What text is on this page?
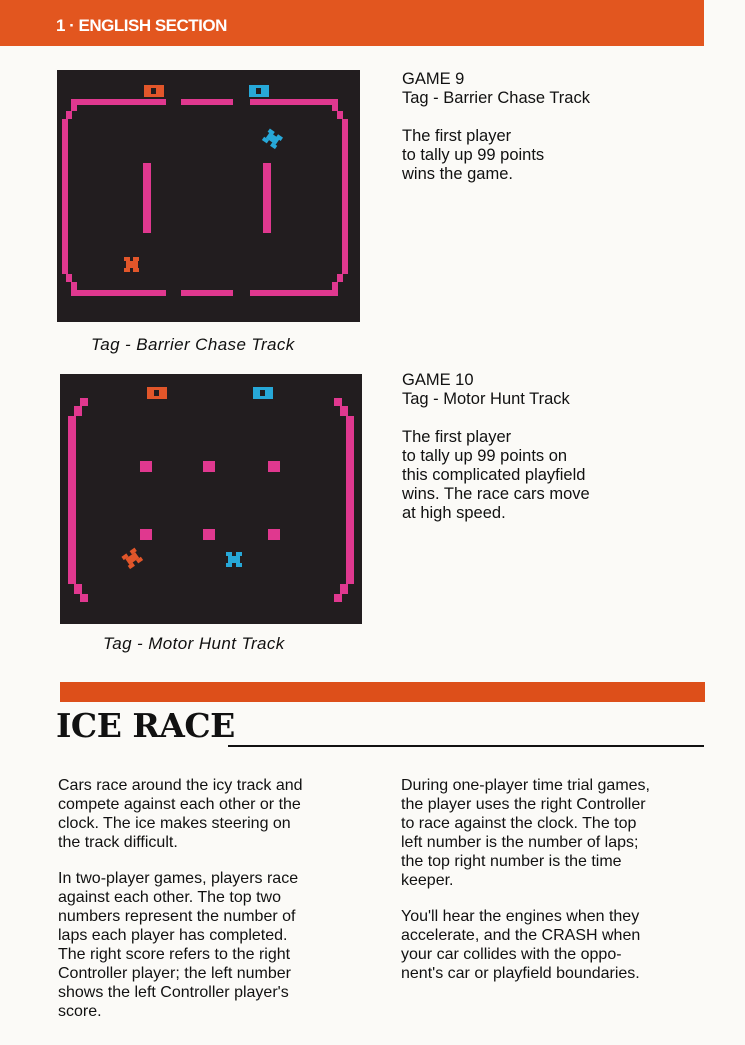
1 · ENGLISH SECTION
Tag - Barrier Chase Track
GAME 9
Tag - Barrier Chase Track
The first player
to tally up 99 points
wins the game.
Tag - Motor Hunt Track
GAME 10
Tag - Motor Hunt Track
The first player
to tally up 99 points on
this complicated playfield
wins. The race cars move
at high speed.
ICE RACE

Cars race around the icy track and
compete against each other or the
clock. The ice makes steering on
the track difficult.

In two-player games, players race
against each other. The top two
numbers represent the number of
laps each player has completed.
The right score refers to the right
Controller player; the left number
shows the left Controller player's
score.

During one-player time trial games,
the player uses the right Controller
to race against the clock. The top
left number is the number of laps;
the top right number is the time
keeper.

You'll hear the engines when they
accelerate, and the CRASH when
your car collides with the oppo-
nent's car or playfield boundaries.
